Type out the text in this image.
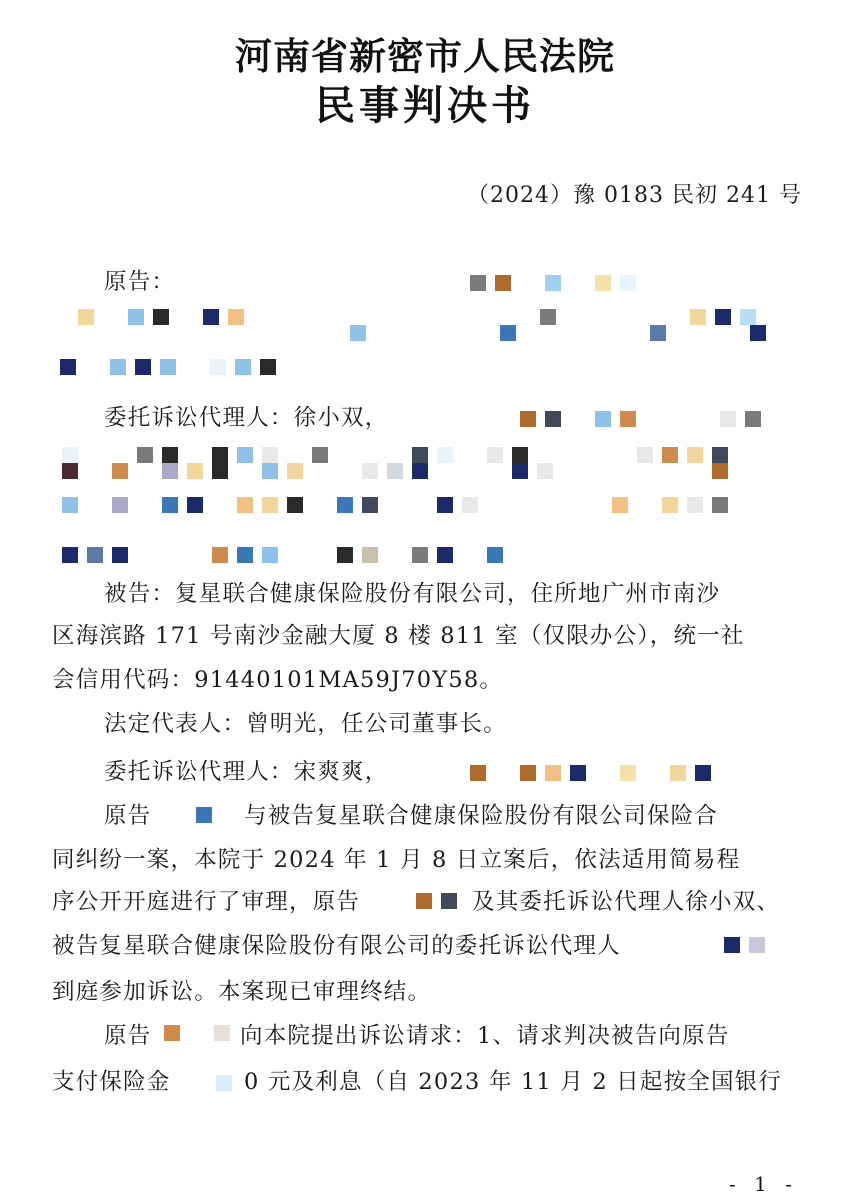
河南省新密市人民法院
民事判决书
（2024）豫 0183 民初 241 号
原告：
委托诉讼代理人：徐小双，
被告：复星联合健康保险股份有限公司，住所地广州市南沙
区海滨路 171 号南沙金融大厦 8 楼 811 室（仅限办公），统一社
会信用代码：91440101MA59J70Y58。
法定代表人：曾明光，任公司董事长。
委托诉讼代理人：宋爽爽，
原告	与被告复星联合健康保险股份有限公司保险合
同纠纷一案，本院于 2024 年 1 月 8 日立案后，依法适用简易程
序公开开庭进行了审理，原告	及其委托诉讼代理人徐小双、
被告复星联合健康保险股份有限公司的委托诉讼代理人
到庭参加诉讼。本案现已审理终结。
原告	向本院提出诉讼请求：1、请求判决被告向原告
支付保险金	0 元及利息（自 2023 年 11 月 2 日起按全国银行
- 1 -
